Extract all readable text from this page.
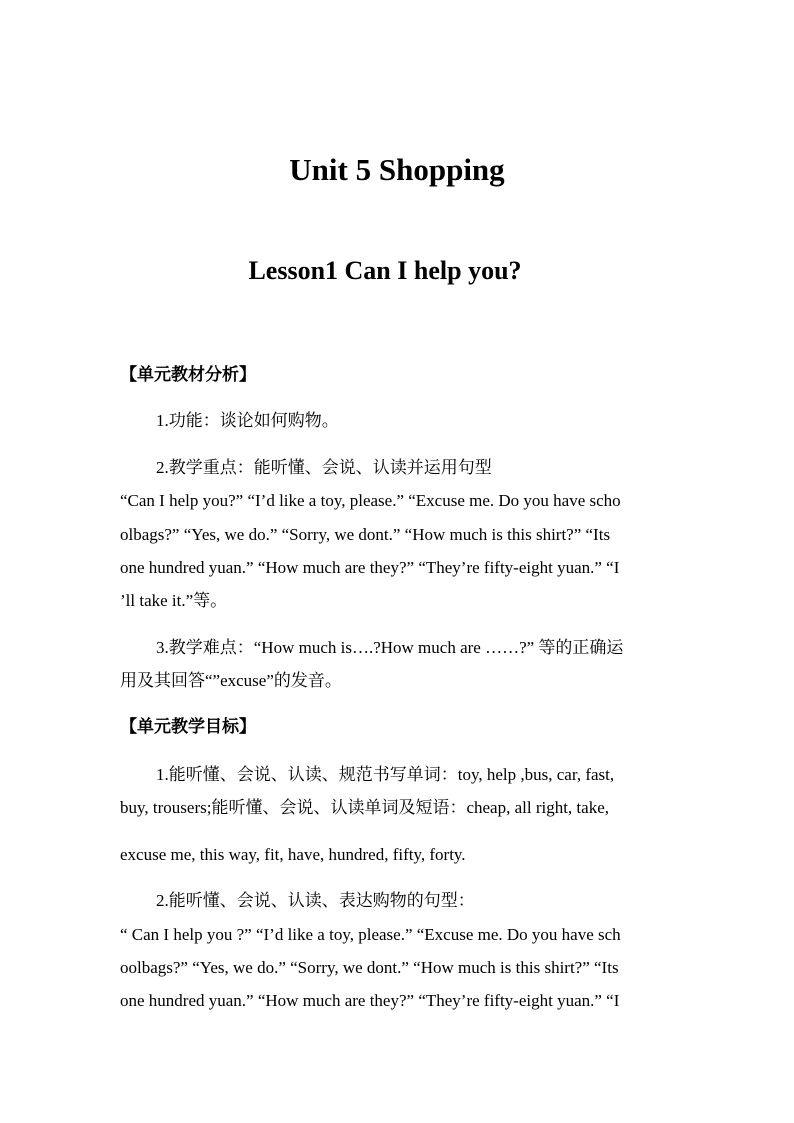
Unit 5 Shopping
Lesson1 Can I help you?

【单元教材分析】

1.功能：谈论如何购物。

2.教学重点：能听懂、会说、认读并运用句型

“Can I help you?” “I’d like a toy, please.” “Excuse me. Do you have scho

olbags?” “Yes, we do.” “Sorry, we dont.” “How much is this shirt?” “Its

one hundred yuan.” “How much are they?” “They’re fifty-eight yuan.” “I

’ll take it.”等。

3.教学难点：“How much is….?How much are ……?” 等的正确运

用及其回答“”excuse”的发音。

【单元教学目标】

1.能听懂、会说、认读、规范书写单词：toy, help ,bus, car, fast,

buy, trousers;能听懂、会说、认读单词及短语：cheap, all right, take,

excuse me, this way, fit, have, hundred, fifty, forty.

2.能听懂、会说、认读、表达购物的句型：

“ Can I help you ?” “I’d like a toy, please.” “Excuse me. Do you have sch

oolbags?” “Yes, we do.” “Sorry, we dont.” “How much is this shirt?” “Its

one hundred yuan.” “How much are they?” “They’re fifty-eight yuan.” “I
